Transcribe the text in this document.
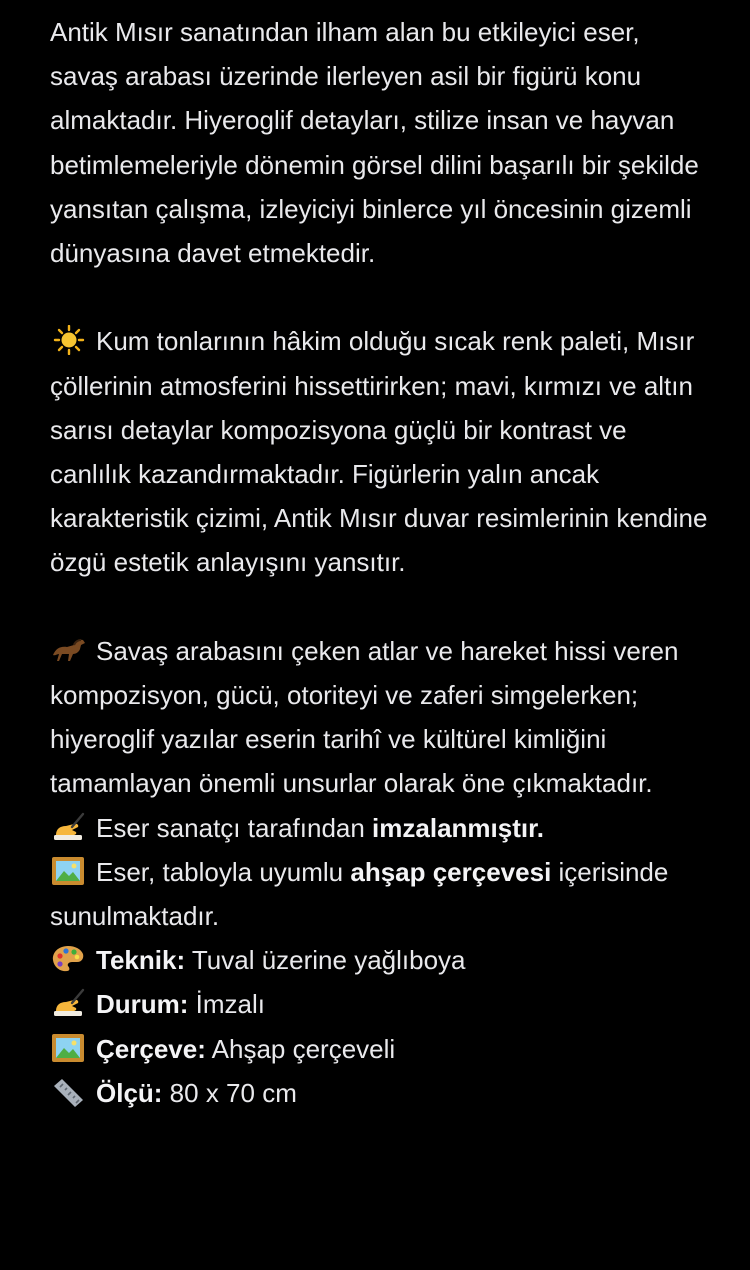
Antik Mısır sanatından ilham alan bu etkileyici eser, savaş arabası üzerinde ilerleyen asil bir figürü konu almaktadır. Hiyeroglif detayları, stilize insan ve hayvan betimlemeleriyle dönemin görsel dilini başarılı bir şekilde yansıtan çalışma, izleyiciyi binlerce yıl öncesinin gizemli dünyasına davet etmektedir.

Kum tonlarının hâkim olduğu sıcak renk paleti, Mısır çöllerinin atmosferini hissettirirken; mavi, kırmızı ve altın sarısı detaylar kompozisyona güçlü bir kontrast ve canlılık kazandırmaktadır. Figürlerin yalın ancak karakteristik çizimi, Antik Mısır duvar resimlerinin kendine özgü estetik anlayışını yansıtır.

Savaş arabasını çeken atlar ve hareket hissi veren kompozisyon, gücü, otoriteyi ve zaferi simgelerken; hiyeroglif yazılar eserin tarihî ve kültürel kimliğini tamamlayan önemli unsurlar olarak öne çıkmaktadır.

Eser sanatçı tarafından imzalanmıştır.

Eser, tabloyla uyumlu ahşap çerçevesi içerisinde sunulmaktadır.

Teknik: Tuval üzerine yağlıboya

Durum: İmzalı

Çerçeve: Ahşap çerçeveli

Ölçü: 80 x 70 cm
